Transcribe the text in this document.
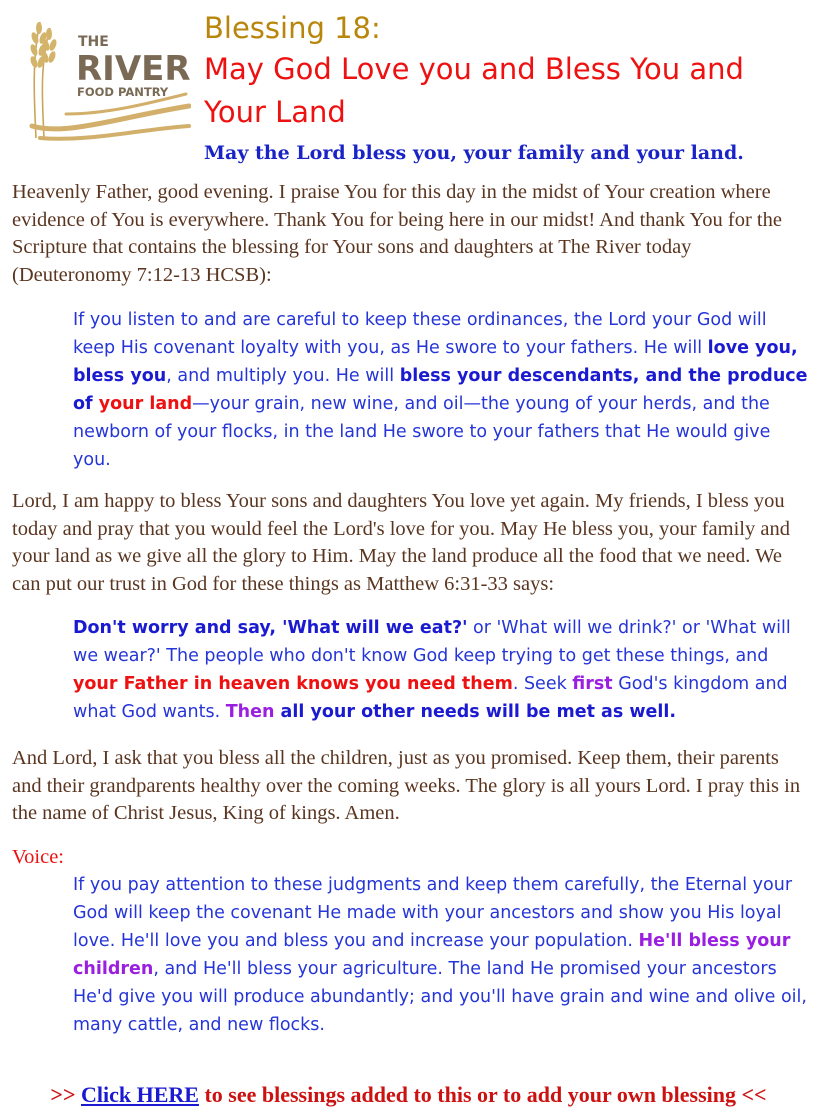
THE
RIVER
FOOD PANTRY
Blessing 18:
May God Love you and Bless You and Your Land

May the Lord bless you, your family and your land.

Heavenly Father, good evening. I praise You for this day in the midst of Your creation where evidence of You is everywhere. Thank You for being here in our midst! And thank You for the Scripture that contains the blessing for Your sons and daughters at The River today (Deuteronomy 7:12-13 HCSB):

If you listen to and are careful to keep these ordinances, the Lord your God will keep His covenant loyalty with you, as He swore to your fathers. He will love you, bless you, and multiply you. He will bless your descendants, and the produce of your land—your grain, new wine, and oil—the young of your herds, and the newborn of your flocks, in the land He swore to your fathers that He would give you.

Lord, I am happy to bless Your sons and daughters You love yet again. My friends, I bless you today and pray that you would feel the Lord's love for you. May He bless you, your family and your land as we give all the glory to Him. May the land produce all the food that we need. We can put our trust in God for these things as Matthew 6:31-33 says:

Don't worry and say, 'What will we eat?' or 'What will we drink?' or 'What will we wear?' The people who don't know God keep trying to get these things, and your Father in heaven knows you need them. Seek first God's kingdom and what God wants. Then all your other needs will be met as well.

And Lord, I ask that you bless all the children, just as you promised. Keep them, their parents and their grandparents healthy over the coming weeks. The glory is all yours Lord. I pray this in the name of Christ Jesus, King of kings. Amen.

Voice:

If you pay attention to these judgments and keep them carefully, the Eternal your God will keep the covenant He made with your ancestors and show you His loyal love. He'll love you and bless you and increase your population. He'll bless your children, and He'll bless your agriculture. The land He promised your ancestors He'd give you will produce abundantly; and you'll have grain and wine and olive oil, many cattle, and new flocks.

>> Click HERE to see blessings added to this or to add your own blessing <<
